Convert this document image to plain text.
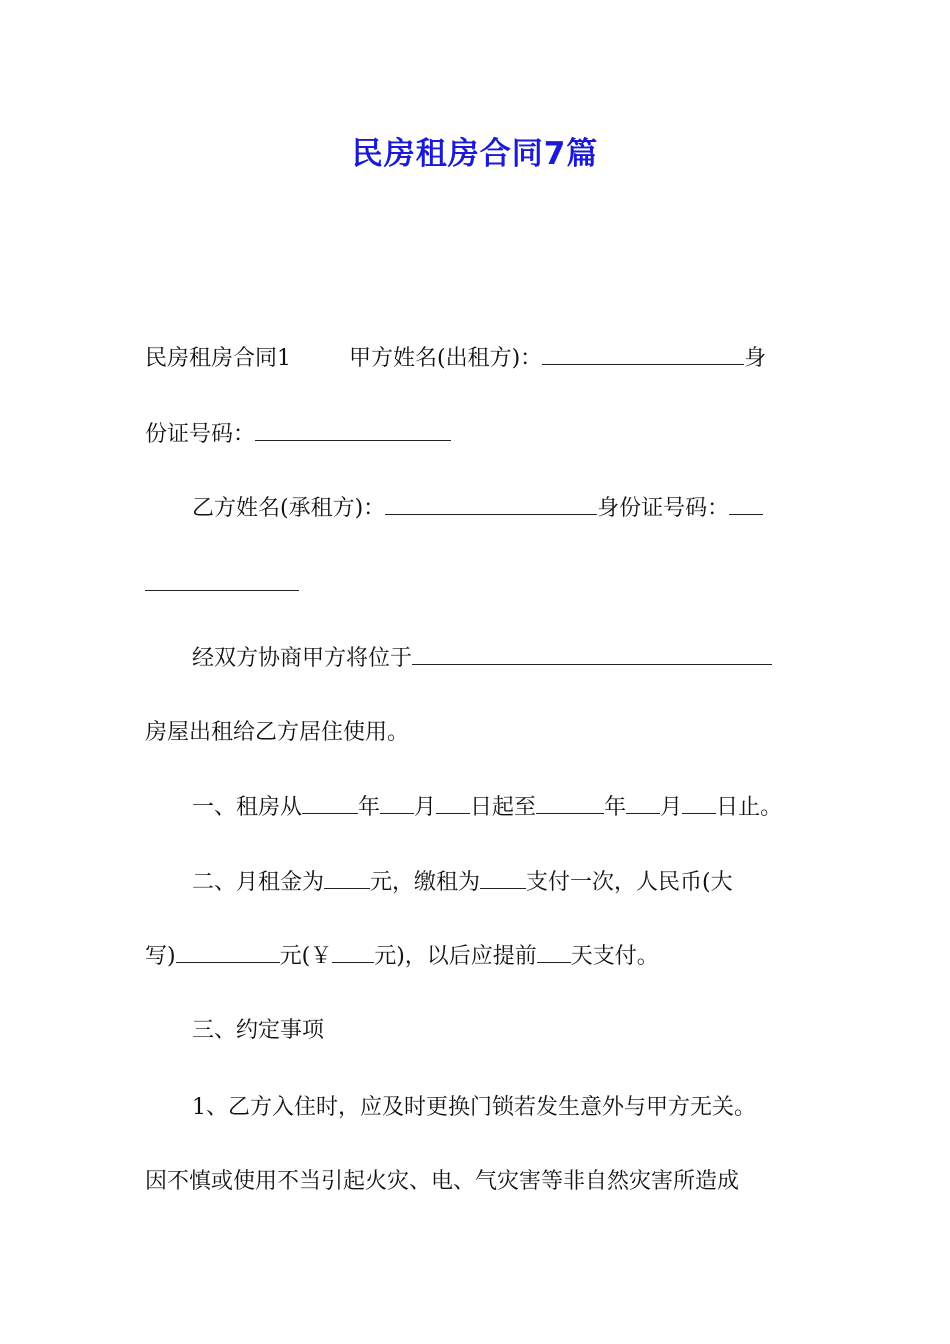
民房租房合同7篇
民房租房合同1	甲方姓名(出租方)：	身
份证号码：
乙方姓名(承租方)：	身份证号码：
经双方协商甲方将位于
房屋出租给乙方居住使用。
一、租房从	年 月 日起至	年 月 日止。
二、月租金为 元，缴租为 支付一次，人民币(大
写)	元(￥ 元)，以后应提前 天支付。
三、约定事项
1、乙方入住时，应及时更换门锁若发生意外与甲方无关。
因不慎或使用不当引起火灾、电、气灾害等非自然灾害所造成
